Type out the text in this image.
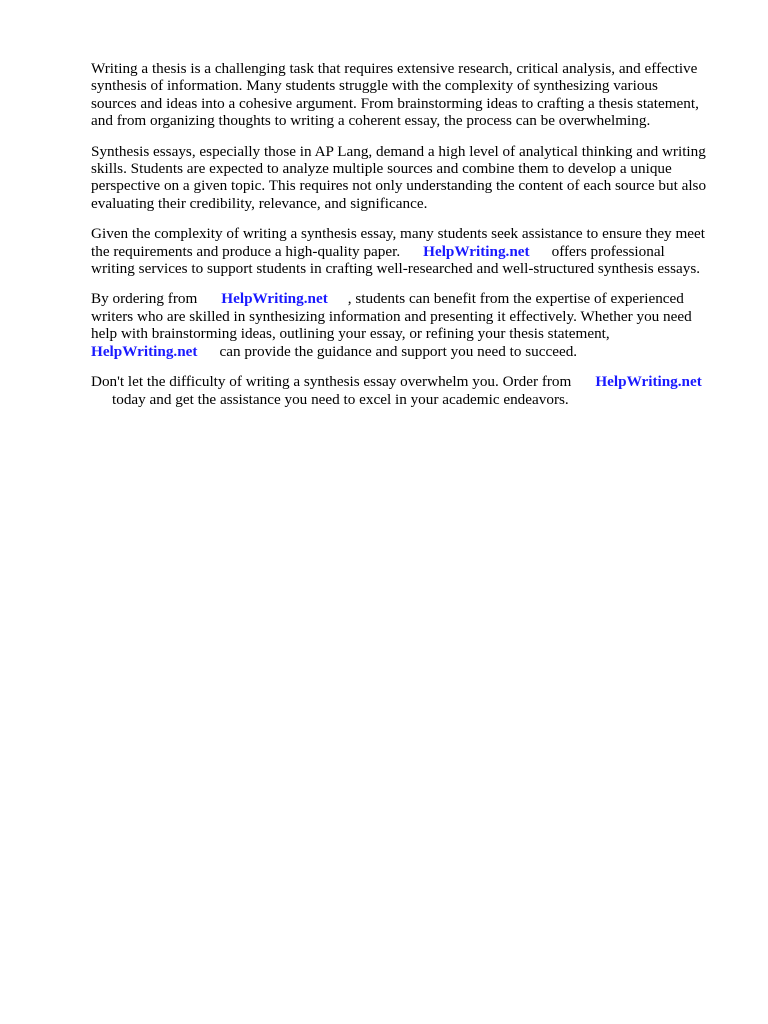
Writing a thesis is a challenging task that requires extensive research, critical analysis, and effective
synthesis of information. Many students struggle with the complexity of synthesizing various
sources and ideas into a cohesive argument. From brainstorming ideas to crafting a thesis statement,
and from organizing thoughts to writing a coherent essay, the process can be overwhelming.

Synthesis essays, especially those in AP Lang, demand a high level of analytical thinking and writing
skills. Students are expected to analyze multiple sources and combine them to develop a unique
perspective on a given topic. This requires not only understanding the content of each source but also
evaluating their credibility, relevance, and significance.

Given the complexity of writing a synthesis essay, many students seek assistance to ensure they meet
the requirements and produce a high-quality paper. HelpWriting.net offers professional
writing services to support students in crafting well-researched and well-structured synthesis essays.

By ordering from HelpWriting.net , students can benefit from the expertise of experienced
writers who are skilled in synthesizing information and presenting it effectively. Whether you need
help with brainstorming ideas, outlining your essay, or refining your thesis statement,
HelpWriting.net can provide the guidance and support you need to succeed.

Don't let the difficulty of writing a synthesis essay overwhelm you. Order from HelpWriting.net
today and get the assistance you need to excel in your academic endeavors.
